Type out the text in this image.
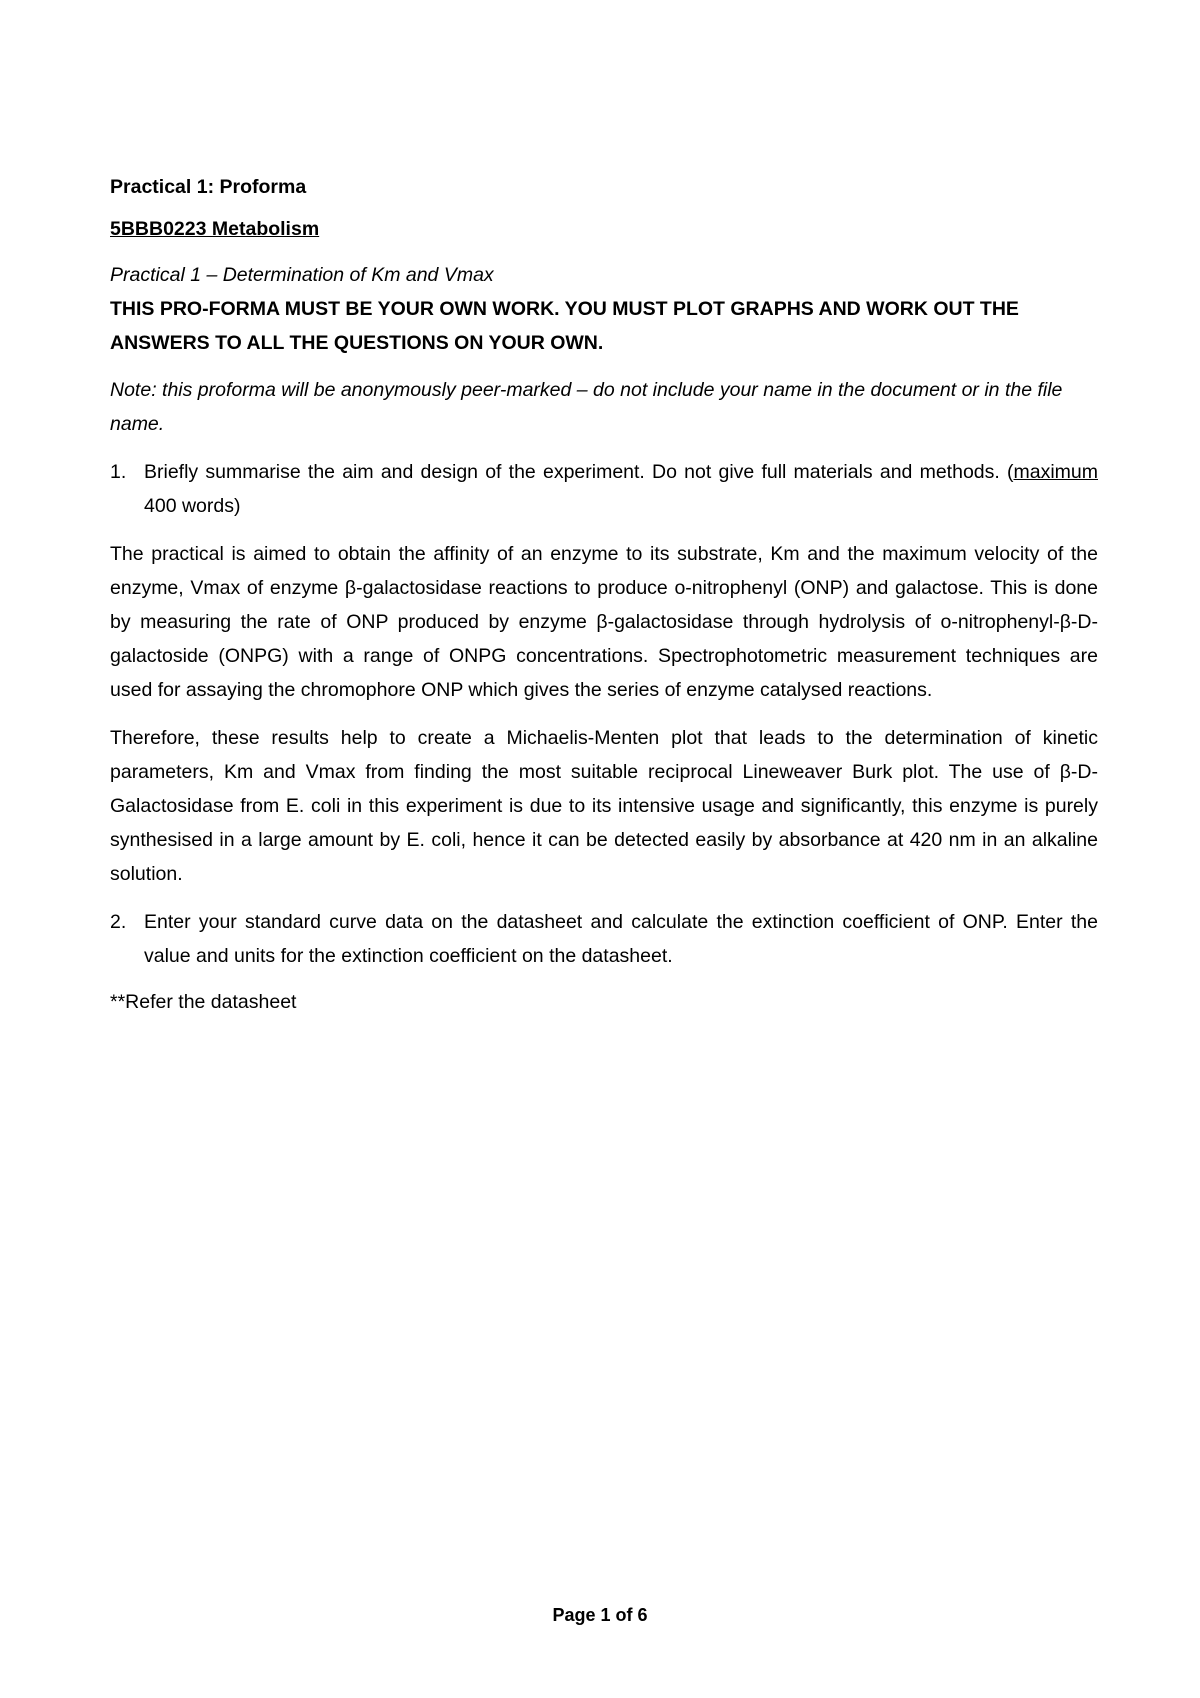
Practical 1: Proforma

5BBB0223 Metabolism

Practical 1 – Determination of Km and Vmax

THIS PRO-FORMA MUST BE YOUR OWN WORK. YOU MUST PLOT GRAPHS AND WORK OUT THE ANSWERS TO ALL THE QUESTIONS ON YOUR OWN.

Note: this proforma will be anonymously peer-marked – do not include your name in the document or in the file name.

1. Briefly summarise the aim and design of the experiment. Do not give full materials and methods. (maximum 400 words)

The practical is aimed to obtain the affinity of an enzyme to its substrate, Km and the maximum velocity of the enzyme, Vmax of enzyme β-galactosidase reactions to produce o-nitrophenyl (ONP) and galactose. This is done by measuring the rate of ONP produced by enzyme β-galactosidase through hydrolysis of o-nitrophenyl-β-D-galactoside (ONPG) with a range of ONPG concentrations. Spectrophotometric measurement techniques are used for assaying the chromophore ONP which gives the series of enzyme catalysed reactions.

Therefore, these results help to create a Michaelis-Menten plot that leads to the determination of kinetic parameters, Km and Vmax from finding the most suitable reciprocal Lineweaver Burk plot. The use of β-D-Galactosidase from E. coli in this experiment is due to its intensive usage and significantly, this enzyme is purely synthesised in a large amount by E. coli, hence it can be detected easily by absorbance at 420 nm in an alkaline solution.

2. Enter your standard curve data on the datasheet and calculate the extinction coefficient of ONP. Enter the value and units for the extinction coefficient on the datasheet.

**Refer the datasheet

Page 1 of 6
